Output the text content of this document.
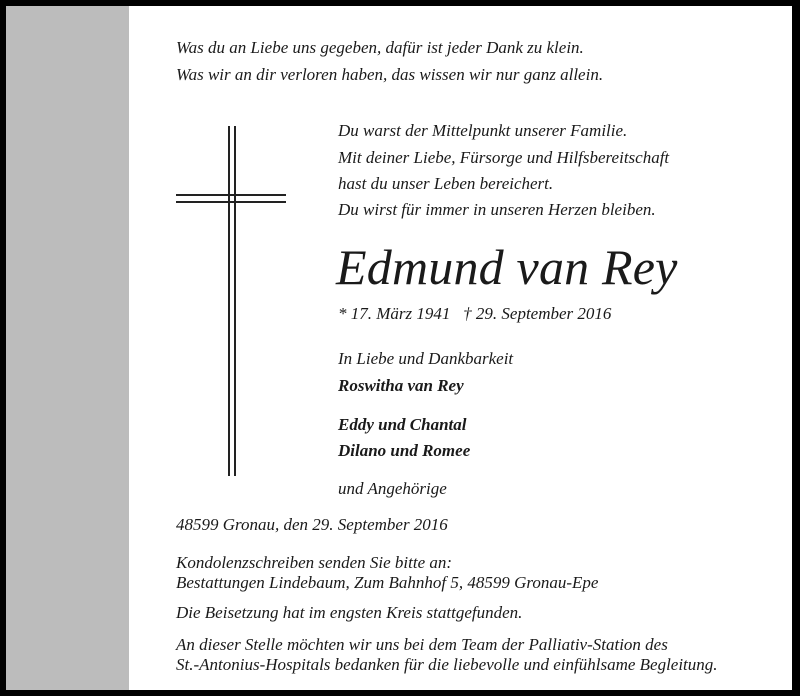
Was du an Liebe uns gegeben, dafür ist jeder Dank zu klein.
Was wir an dir verloren haben, das wissen wir nur ganz allein.
Du warst der Mittelpunkt unserer Familie.
Mit deiner Liebe, Fürsorge und Hilfsbereitschaft
hast du unser Leben bereichert.
Du wirst für immer in unseren Herzen bleiben.
Edmund van Rey
* 17. März 1941   † 29. September 2016
In Liebe und Dankbarkeit
Roswitha van Rey
Eddy und Chantal
Dilano und Romee
und Angehörige
48599 Gronau, den 29. September 2016
Kondolenzschreiben senden Sie bitte an:
Bestattungen Lindebaum, Zum Bahnhof 5, 48599 Gronau-Epe
Die Beisetzung hat im engsten Kreis stattgefunden.
An dieser Stelle möchten wir uns bei dem Team der Palliativ-Station des
St.-Antonius-Hospitals bedanken für die liebevolle und einfühlsame Begleitung.
